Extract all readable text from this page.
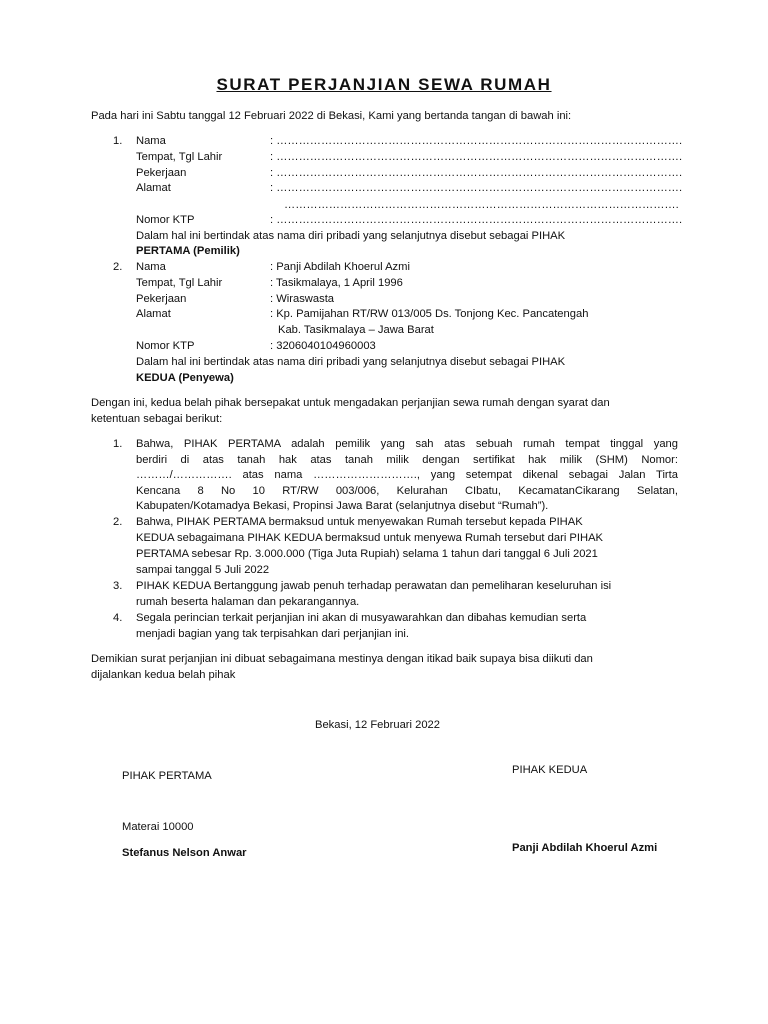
SURAT PERJANJIAN SEWA RUMAH
Pada hari ini Sabtu tanggal 12 Februari 2022 di Bekasi, Kami yang bertanda tangan di bawah ini:
1. Nama	: ……………………………………………………………………………………………….
Tempat, Tgl Lahir	: ……………………………………………………………………………………………….
Pekerjaan	: ……………………………………………………………………………………………….
Alamat	: ……………………………………………………………………………………………….
…………………………………………………………………………………………….
Nomor KTP	: ……………………………………………………………………………………………….
Dalam hal ini bertindak atas nama diri pribadi yang selanjutnya disebut sebagai PIHAK
PERTAMA (Pemilik)
2. Nama	: Panji Abdilah Khoerul Azmi
Tempat, Tgl Lahir	: Tasikmalaya, 1 April 1996
Pekerjaan	: Wiraswasta
Alamat	: Kp. Pamijahan RT/RW 013/005 Ds. Tonjong Kec. Pancatengah
Kab. Tasikmalaya – Jawa Barat
Nomor KTP	: 3206040104960003
Dalam hal ini bertindak atas nama diri pribadi yang selanjutnya disebut sebagai PIHAK
KEDUA (Penyewa)
Dengan ini, kedua belah pihak bersepakat untuk mengadakan perjanjian sewa rumah dengan syarat dan
ketentuan sebagai berikut:
1. Bahwa, PIHAK PERTAMA adalah pemilik yang sah atas sebuah rumah tempat tinggal yang
berdiri di atas tanah hak atas tanah milik dengan sertifikat hak milik (SHM) Nomor:
………/……………. atas nama ………………………., yang setempat dikenal sebagai Jalan Tirta
Kencana 8 No 10 RT/RW 003/006, Kelurahan CIbatu, KecamatanCikarang Selatan,
Kabupaten/Kotamadya Bekasi, Propinsi Jawa Barat (selanjutnya disebut “Rumah”).
2. Bahwa, PIHAK PERTAMA bermaksud untuk menyewakan Rumah tersebut kepada PIHAK
KEDUA sebagaimana PIHAK KEDUA bermaksud untuk menyewa Rumah tersebut dari PIHAK
PERTAMA sebesar Rp. 3.000.000 (Tiga Juta Rupiah) selama 1 tahun dari tanggal 6 Juli 2021
sampai tanggal 5 Juli 2022
3. PIHAK KEDUA Bertanggung jawab penuh terhadap perawatan dan pemeliharan keseluruhan isi
rumah beserta halaman dan pekarangannya.
4. Segala perincian terkait perjanjian ini akan di musyawarahkan dan dibahas kemudian serta
menjadi bagian yang tak terpisahkan dari perjanjian ini.
Demikian surat perjanjian ini dibuat sebagaimana mestinya dengan itikad baik supaya bisa diikuti dan
dijalankan kedua belah pihak
Bekasi, 12 Februari 2022
PIHAK PERTAMA
Materai 10000
Stefanus Nelson Anwar
PIHAK KEDUA
Panji Abdilah Khoerul Azmi
